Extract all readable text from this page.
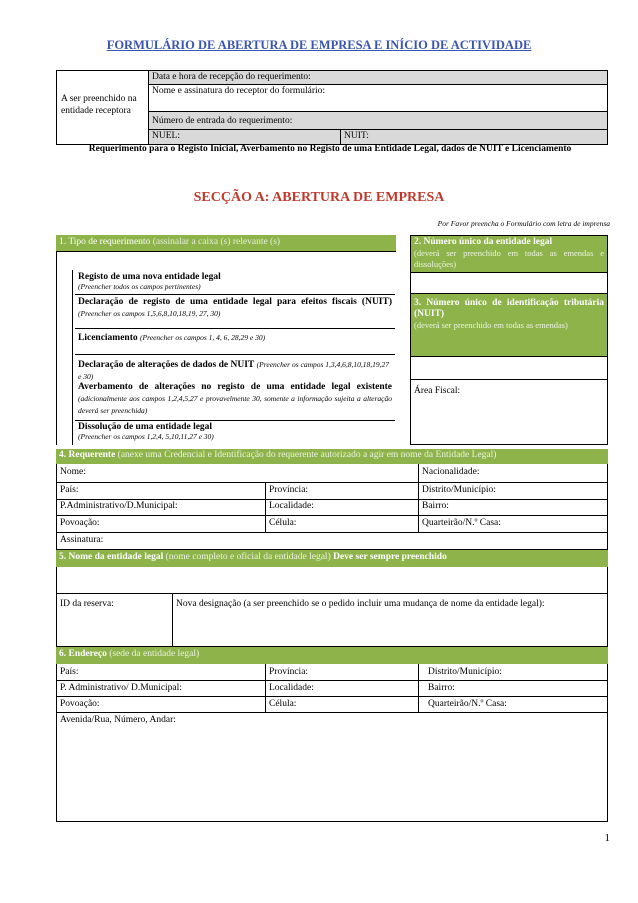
FORMULÁRIO DE ABERTURA DE EMPRESA E INÍCIO DE ACTIVIDADE
A ser preenchido na entidade receptora
Data e hora de recepção do requerimento:
Nome e assinatura do receptor do formulário:
Número de entrada do requerimento:
NUEL:	NUIT:
Requerimento para o Registo Inicial, Averbamento no Registo de uma Entidade Legal, dados de NUIT e Licenciamento
SECÇÃO A: ABERTURA DE EMPRESA
Por Favor preencha o Formulário com letra de imprensa
1. Tipo de requerimento (assinalar a caixa (s) relevante (s)
Registo de uma nova entidade legal
(Preencher todos os campos pertinentes)
Declaração de registo de uma entidade legal para efeitos fiscais (NUIT) (Preencher os campos 1,5,6,8,10,18,19, 27, 30)
Licenciamento (Preencher os campos 1, 4, 6, 28,29 e 30)
Declaração de alterações de dados de NUIT (Preencher os campos 1,3,4,6,8,10,18,19,27 e 30)
Averbamento de alterações no registo de uma entidade legal existente (adicionalmente aos campos 1,2,4,5,27 e provavelmente 30, somente a informação sujeita a alteração deverá ser preenchida)
Dissolução de uma entidade legal
(Preencher os campos 1,2,4, 5,10,11,27 e 30)
2. Número único da entidade legal
(deverá ser preenchido em todas as emendas e dissoluções)
3. Número único de identificação tributária (NUIT)
(deverá ser preenchido em todas as emendas)
Área Fiscal:
4. Requerente (anexe uma Credencial e Identificação do requerente autorizado a agir em nome da Entidade Legal)
Nome:	Nacionalidade:
País:	Província:	Distrito/Município:
P.Administrativo/D.Municipal:	Localidade:	Bairro:
Povoação:	Célula:	Quarteirão/N.º Casa:
Assinatura:
5. Nome da entidade legal (nome completo e oficial da entidade legal) Deve ser sempre preenchido
ID da reserva:	Nova designação (a ser preenchido se o pedido incluir uma mudança de nome da entidade legal):
6. Endereço (sede da entidade legal)
País:	Província:	Distrito/Município:
P. Administrativo/ D.Municipal:	Localidade:	Bairro:
Povoação:	Célula:	Quarteirão/N.º Casa:
Avenida/Rua, Número, Andar:
1
